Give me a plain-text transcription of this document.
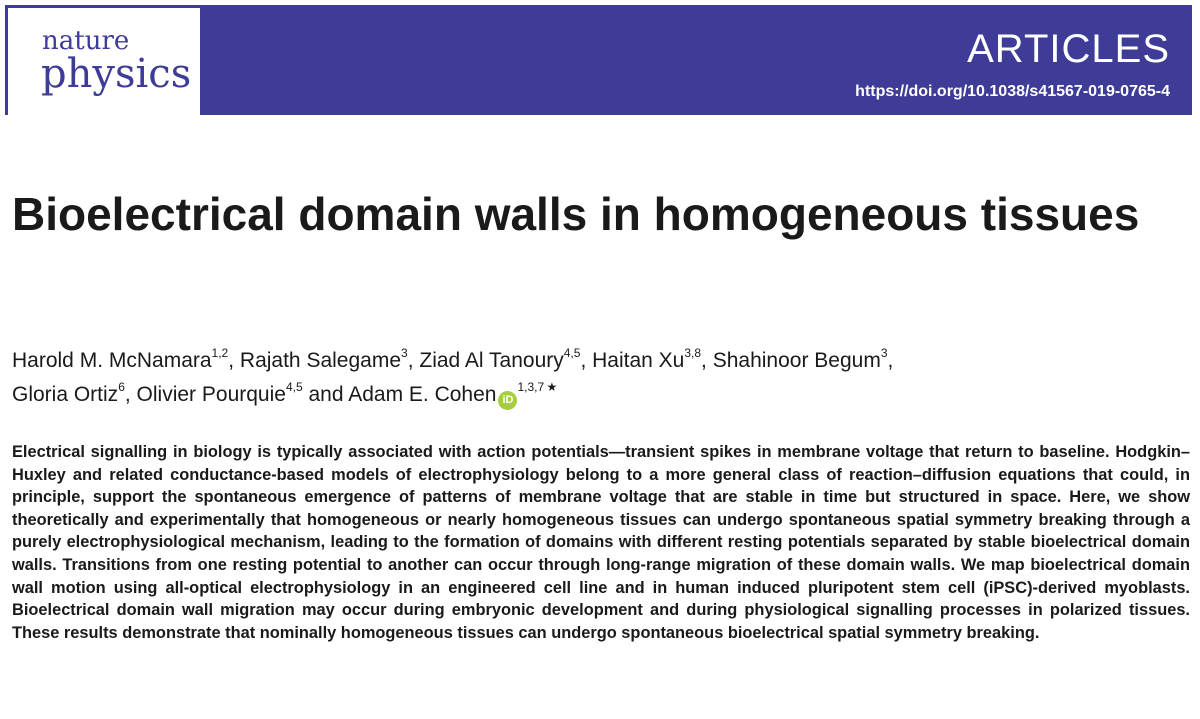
ARTICLES
https://doi.org/10.1038/s41567-019-0765-4
nature
physics
Bioelectrical domain walls in homogeneous tissues
Harold M. McNamara$^{1,2}$, Rajath Salegame$^3$, Ziad Al Tanoury$^{4,5}$, Haitan Xu$^{3,8}$, Shahinoor Begum$^3$,
Gloria Ortiz$^6$, Olivier Pourquie$^{4,5}$ and Adam E. Cohen $iD^{1,3,7 ★}$

Electrical signalling in biology is typically associated with action potentials—transient spikes in membrane voltage that return to baseline. Hodgkin–Huxley and related conductance-based models of electrophysiology belong to a more general class of reaction–diffusion equations that could, in principle, support the spontaneous emergence of patterns of membrane voltage that are stable in time but structured in space. Here, we show theoretically and experimentally that homogeneous or nearly homogeneous tissues can undergo spontaneous spatial symmetry breaking through a purely electrophysiological mechanism, leading to the formation of domains with different resting potentials separated by stable bioelectrical domain walls. Transitions from one resting potential to another can occur through long-range migration of these domain walls. We map bioelectrical domain wall motion using all-optical electrophysiology in an engineered cell line and in human induced pluripotent stem cell (iPSC)-derived myoblasts. Bioelectrical domain wall migration may occur during embryonic development and during physiological signalling processes in polarized tissues. These results demonstrate that nominally homogeneous tissues can undergo spontaneous bioelectrical spatial symmetry breaking.
